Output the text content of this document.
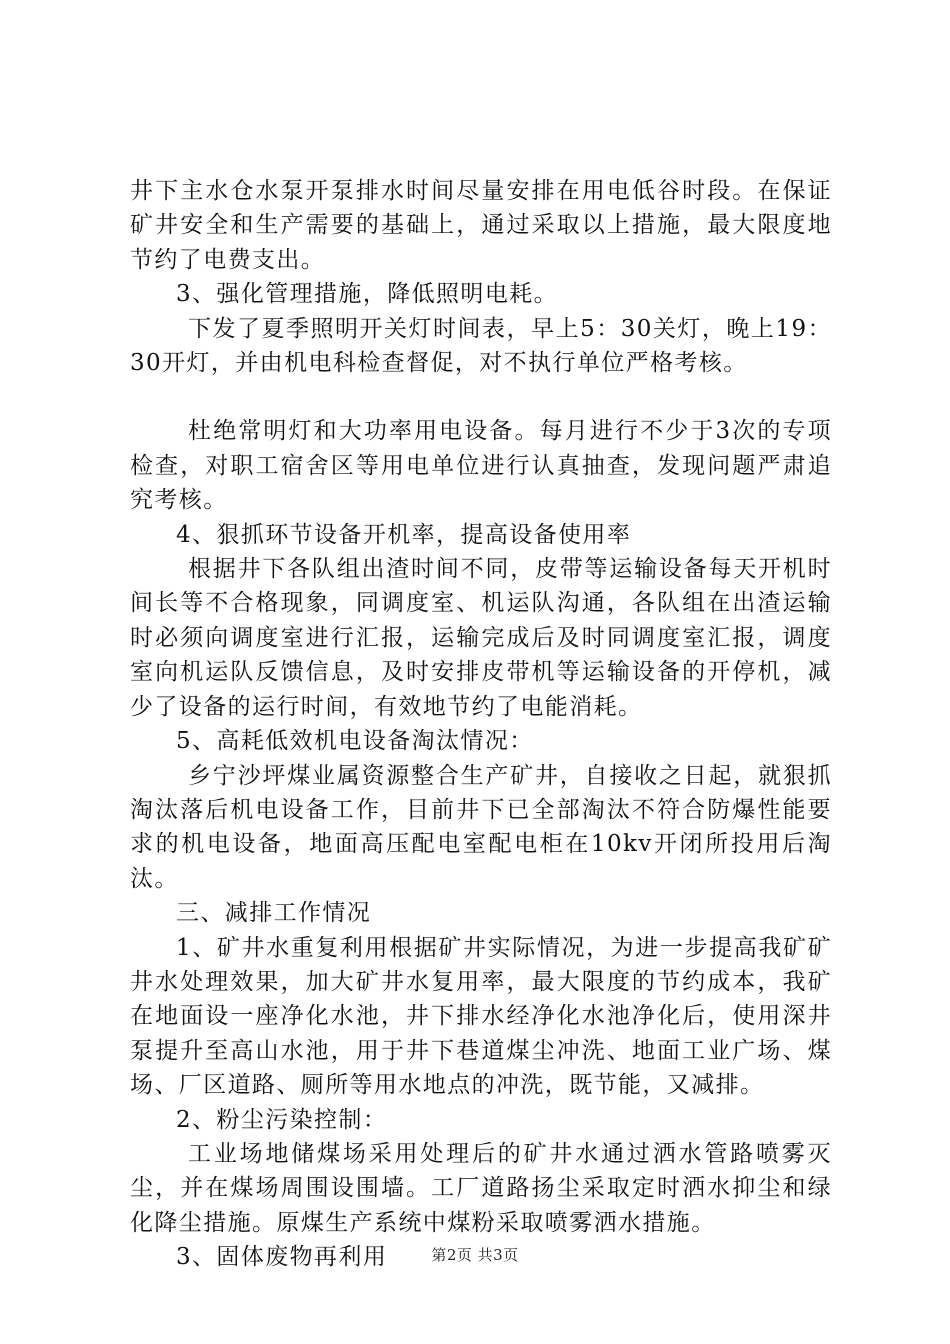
井下主水仓水泵开泵排水时间尽量安排在用电低谷时段。在保证矿井安全和生产需要的基础上，通过采取以上措施，最大限度地节约了电费支出。

3、强化管理措施，降低照明电耗。

下发了夏季照明开关灯时间表，早上5：30关灯，晚上19：30开灯，并由机电科检查督促，对不执行单位严格考核。

杜绝常明灯和大功率用电设备。每月进行不少于3次的专项检查，对职工宿舍区等用电单位进行认真抽查，发现问题严肃追究考核。

4、狠抓环节设备开机率，提高设备使用率

根据井下各队组出渣时间不同，皮带等运输设备每天开机时间长等不合格现象，同调度室、机运队沟通，各队组在出渣运输时必须向调度室进行汇报，运输完成后及时同调度室汇报，调度室向机运队反馈信息，及时安排皮带机等运输设备的开停机，减少了设备的运行时间，有效地节约了电能消耗。

5、高耗低效机电设备淘汰情况：

乡宁沙坪煤业属资源整合生产矿井，自接收之日起，就狠抓淘汰落后机电设备工作，目前井下已全部淘汰不符合防爆性能要求的机电设备，地面高压配电室配电柜在10kv开闭所投用后淘汰。

三、减排工作情况

1、矿井水重复利用根据矿井实际情况，为进一步提高我矿矿井水处理效果，加大矿井水复用率，最大限度的节约成本，我矿在地面设一座净化水池，井下排水经净化水池净化后，使用深井泵提升至高山水池，用于井下巷道煤尘冲洗、地面工业广场、煤场、厂区道路、厕所等用水地点的冲洗，既节能，又减排。

2、粉尘污染控制：

工业场地储煤场采用处理后的矿井水通过洒水管路喷雾灭尘，并在煤场周围设围墙。工厂道路扬尘采取定时洒水抑尘和绿化降尘措施。原煤生产系统中煤粉采取喷雾洒水措施。

3、固体废物再利用	第2页 共3页
